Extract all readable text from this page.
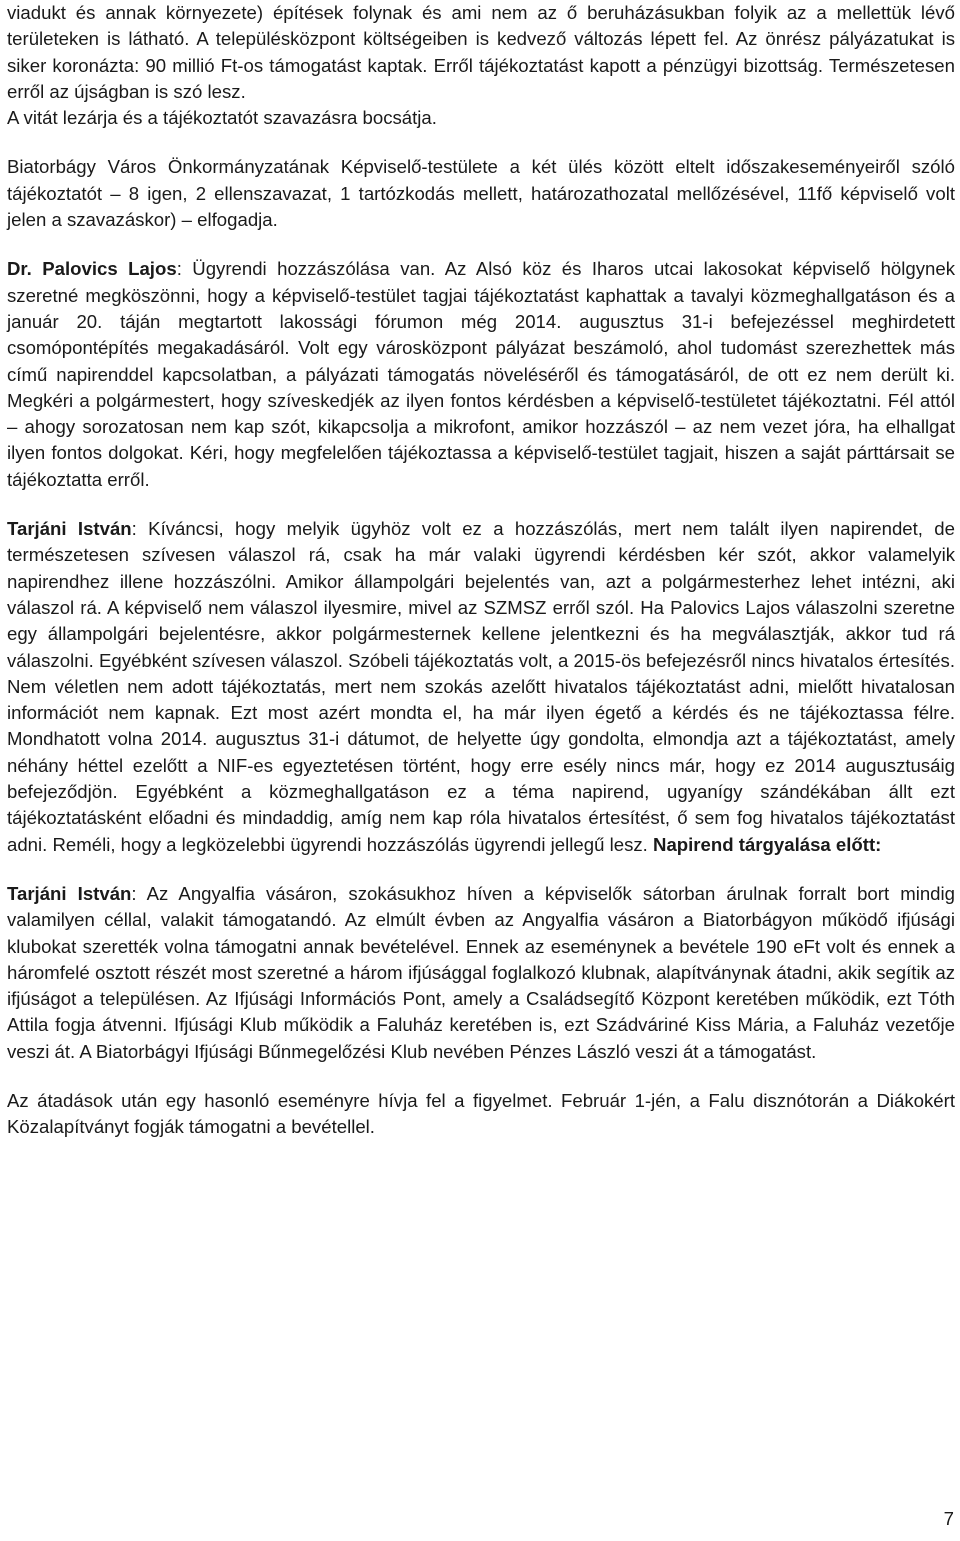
viadukt és annak környezete) építések folynak és ami nem az ő beruházásukban folyik az a mellettük lévő területeken is látható. A településközpont költségeiben is kedvező változás lépett fel. Az önrész pályázatukat is siker koronázta: 90 millió Ft-os támogatást kaptak. Erről tájékoztatást kapott a pénzügyi bizottság. Természetesen erről az újságban is szó lesz.

A vitát lezárja és a tájékoztatót szavazásra bocsátja.

Biatorbágy Város Önkormányzatának Képviselő-testülete a két ülés között eltelt időszakeseményeiről szóló tájékoztatót – 8 igen, 2 ellenszavazat, 1 tartózkodás mellett, határozathozatal mellőzésével, 11fő képviselő volt jelen a szavazáskor) – elfogadja.

Dr. Palovics Lajos: Ügyrendi hozzászólása van. Az Alsó köz és Iharos utcai lakosokat képviselő hölgynek szeretné megköszönni, hogy a képviselő-testület tagjai tájékoztatást kaphattak a tavalyi közmeghallgatáson és a január 20. táján megtartott lakossági fórumon még 2014. augusztus 31-i befejezéssel meghirdetett csomópontépítés megakadásáról. Volt egy városközpont pályázat beszámoló, ahol tudomást szerezhettek más című napirenddel kapcsolatban, a pályázati támogatás növeléséről és támogatásáról, de ott ez nem derült ki. Megkéri a polgármestert, hogy szíveskedjék az ilyen fontos kérdésben a képviselő-testületet tájékoztatni. Fél attól – ahogy sorozatosan nem kap szót, kikapcsolja a mikrofont, amikor hozzászól – az nem vezet jóra, ha elhallgat ilyen fontos dolgokat. Kéri, hogy megfelelően tájékoztassa a képviselő-testület tagjait, hiszen a saját párttársait se tájékoztatta erről.

Tarjáni István: Kíváncsi, hogy melyik ügyhöz volt ez a hozzászólás, mert nem talált ilyen napirendet, de természetesen szívesen válaszol rá, csak ha már valaki ügyrendi kérdésben kér szót, akkor valamelyik napirendhez illene hozzászólni. Amikor állampolgári bejelentés van, azt a polgármesterhez lehet intézni, aki válaszol rá. A képviselő nem válaszol ilyesmire, mivel az SZMSZ erről szól. Ha Palovics Lajos válaszolni szeretne egy állampolgári bejelentésre, akkor polgármesternek kellene jelentkezni és ha megválasztják, akkor tud rá válaszolni. Egyébként szívesen válaszol. Szóbeli tájékoztatás volt, a 2015-ös befejezésről nincs hivatalos értesítés. Nem véletlen nem adott tájékoztatás, mert nem szokás azelőtt hivatalos tájékoztatást adni, mielőtt hivatalosan információt nem kapnak. Ezt most azért mondta el, ha már ilyen égető a kérdés és ne tájékoztassa félre. Mondhatott volna 2014. augusztus 31-i dátumot, de helyette úgy gondolta, elmondja azt a tájékoztatást, amely néhány héttel ezelőtt a NIF-es egyeztetésen történt, hogy erre esély nincs már, hogy ez 2014 augusztusáig befejeződjön. Egyébként a közmeghallgatáson ez a téma napirend, ugyanígy szándékában állt ezt tájékoztatásként előadni és mindaddig, amíg nem kap róla hivatalos értesítést, ő sem fog hivatalos tájékoztatást adni. Reméli, hogy a legközelebbi ügyrendi hozzászólás ügyrendi jellegű lesz. Napirend tárgyalása előtt:

Tarjáni István: Az Angyalfia vásáron, szokásukhoz híven a képviselők sátorban árulnak forralt bort mindig valamilyen céllal, valakit támogatandó. Az elmúlt évben az Angyalfia vásáron a Biatorbágyon működő ifjúsági klubokat szerették volna támogatni annak bevételével. Ennek az eseménynek a bevétele 190 eFt volt és ennek a háromfelé osztott részét most szeretné a három ifjúsággal foglalkozó klubnak, alapítványnak átadni, akik segítik az ifjúságot a településen. Az Ifjúsági Információs Pont, amely a Családsegítő Központ keretében működik, ezt Tóth Attila fogja átvenni. Ifjúsági Klub működik a Faluház keretében is, ezt Szádváriné Kiss Mária, a Faluház vezetője veszi át. A Biatorbágyi Ifjúsági Bűnmegelőzési Klub nevében Pénzes László veszi át a támogatást.

Az átadások után egy hasonló eseményre hívja fel a figyelmet. Február 1-jén, a Falu disznótorán a Diákokért Közalapítványt fogják támogatni a bevétellel.

7
